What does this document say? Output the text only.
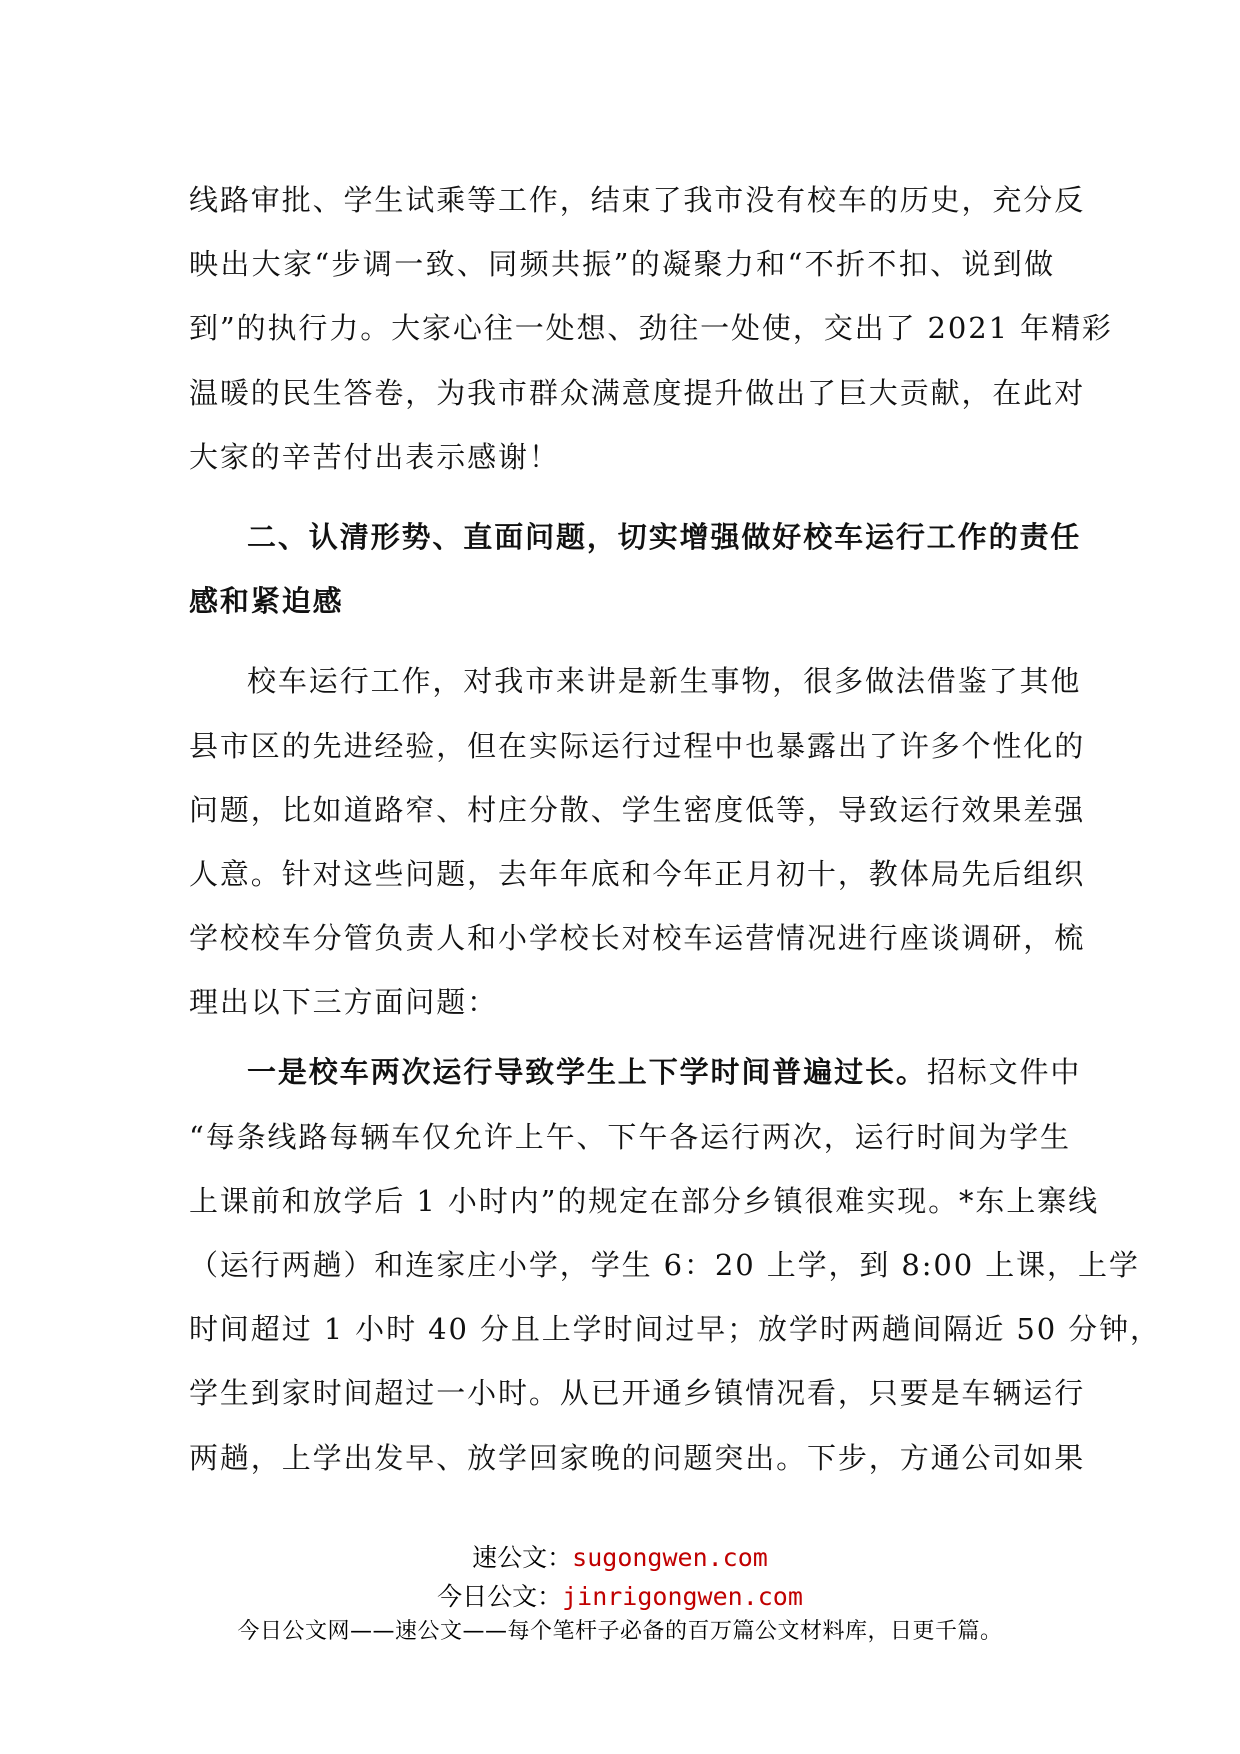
线路审批、学生试乘等工作，结束了我市没有校车的历史，充分反
映出大家“步调一致、同频共振”的凝聚力和“不折不扣、说到做
到”的执行力。大家心往一处想、劲往一处使，交出了 2021 年精彩
温暖的民生答卷，为我市群众满意度提升做出了巨大贡献，在此对
大家的辛苦付出表示感谢！
二、认清形势、直面问题，切实增强做好校车运行工作的责任
感和紧迫感
校车运行工作，对我市来讲是新生事物，很多做法借鉴了其他
县市区的先进经验，但在实际运行过程中也暴露出了许多个性化的
问题，比如道路窄、村庄分散、学生密度低等，导致运行效果差强
人意。针对这些问题，去年年底和今年正月初十，教体局先后组织
学校校车分管负责人和小学校长对校车运营情况进行座谈调研，梳
理出以下三方面问题：
一是校车两次运行导致学生上下学时间普遍过长。招标文件中
“每条线路每辆车仅允许上午、下午各运行两次，运行时间为学生
上课前和放学后 1 小时内”的规定在部分乡镇很难实现。*东上寨线
（运行两趟）和连家庄小学，学生 6：20 上学，到 8:00 上课，上学
时间超过 1 小时 40 分且上学时间过早；放学时两趟间隔近 50 分钟，
学生到家时间超过一小时。从已开通乡镇情况看，只要是车辆运行
两趟，上学出发早、放学回家晚的问题突出。下步，方通公司如果
速公文：sugongwen.com
今日公文：jinrigongwen.com
今日公文网——速公文——每个笔杆子必备的百万篇公文材料库，日更千篇。
